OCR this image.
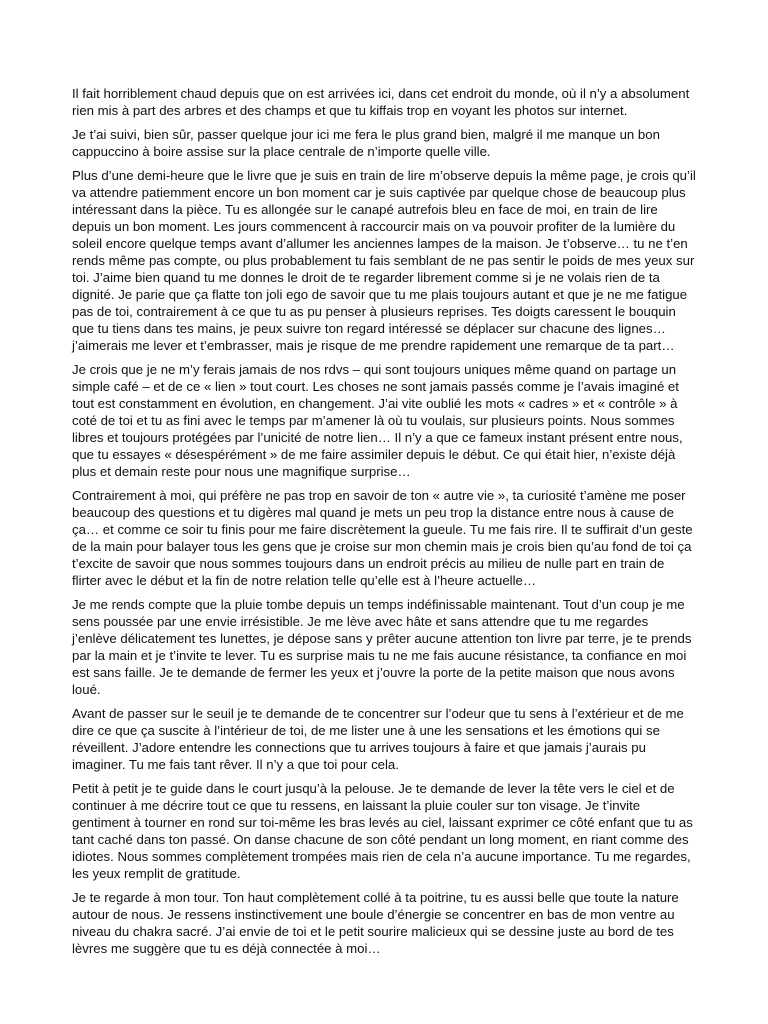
Il fait horriblement chaud depuis que on est arrivées ici, dans cet endroit du monde, où il n’y a absolument rien mis à part des arbres et des champs et que tu kiffais trop en voyant les photos sur internet.

Je t’ai suivi, bien sûr, passer quelque jour ici me fera le plus grand bien, malgré il me manque un bon cappuccino à boire assise sur la place centrale de n’importe quelle ville.

Plus d’une demi-heure que le livre que je suis en train de lire m’observe depuis la même page, je crois qu’il va attendre patiemment encore un bon moment car je suis captivée par quelque chose de beaucoup plus intéressant dans la pièce. Tu es allongée sur le canapé autrefois bleu en face de moi, en train de lire depuis un bon moment. Les jours commencent à raccourcir mais on va pouvoir profiter de la lumière du soleil encore quelque temps avant d’allumer les anciennes lampes de la maison. Je t’observe… tu ne t’en rends même pas compte, ou plus probablement tu fais semblant de ne pas sentir le poids de mes yeux sur toi. J’aime bien quand tu me donnes le droit de te regarder librement comme si je ne volais rien de ta dignité. Je parie que ça flatte ton joli ego de savoir que tu me plais toujours autant et que je ne me fatigue pas de toi, contrairement à ce que tu as pu penser à plusieurs reprises. Tes doigts caressent le bouquin que tu tiens dans tes mains, je peux suivre ton regard intéressé se déplacer sur chacune des lignes… j’aimerais me lever et t’embrasser, mais je risque de me prendre rapidement une remarque de ta part…

Je crois que je ne m’y ferais jamais de nos rdvs – qui sont toujours uniques même quand on partage un simple café – et de ce « lien » tout court. Les choses ne sont jamais passés comme je l’avais imaginé et tout est constamment en évolution, en changement. J’ai vite oublié les mots « cadres » et « contrôle » à coté de toi et tu as fini avec le temps par m’amener là où tu voulais, sur plusieurs points. Nous sommes libres et toujours protégées par l’unicité de notre lien… Il n’y a que ce fameux instant présent entre nous, que tu essayes « désespérément » de me faire assimiler depuis le début. Ce qui était hier, n’existe déjà plus et demain reste pour nous une magnifique surprise…

Contrairement à moi, qui préfère ne pas trop en savoir de ton « autre vie », ta curiosité t’amène me poser beaucoup des questions et tu digères mal quand je mets un peu trop la distance entre nous à cause de ça… et comme ce soir tu finis pour me faire discrètement la gueule. Tu me fais rire. Il te suffirait d’un geste de la main pour balayer tous les gens que je croise sur mon chemin mais je crois bien qu’au fond de toi ça t’excite de savoir que nous sommes toujours dans un endroit précis au milieu de nulle part en train de flirter avec le début et la fin de notre relation telle qu’elle est à l’heure actuelle…

Je me rends compte que la pluie tombe depuis un temps indéfinissable maintenant. Tout d’un coup je me sens poussée par une envie irrésistible. Je me lève avec hâte et sans attendre que tu me regardes j’enlève délicatement tes lunettes, je dépose sans y prêter aucune attention ton livre par terre, je te prends par la main et je t’invite te lever. Tu es surprise mais tu ne me fais aucune résistance, ta confiance en moi est sans faille. Je te demande de fermer les yeux et j’ouvre la porte de la petite maison que nous avons loué.

Avant de passer sur le seuil je te demande de te concentrer sur l’odeur que tu sens à l’extérieur et de me dire ce que ça suscite à l’intérieur de toi, de me lister une à une les sensations et les émotions qui se réveillent. J’adore entendre les connections que tu arrives toujours à faire et que jamais j’aurais pu imaginer. Tu me fais tant rêver. Il n’y a que toi pour cela.

Petit à petit je te guide dans le court jusqu’à la pelouse. Je te demande de lever la tête vers le ciel et de continuer à me décrire tout ce que tu ressens, en laissant la pluie couler sur ton visage. Je t’invite gentiment à tourner en rond sur toi-même les bras levés au ciel, laissant exprimer ce côté enfant que tu as tant caché dans ton passé. On danse chacune de son côté pendant un long moment, en riant comme des idiotes. Nous sommes complètement trompées mais rien de cela n’a aucune importance. Tu me regardes, les yeux remplit de gratitude.

Je te regarde à mon tour. Ton haut complètement collé à ta poitrine, tu es aussi belle que toute la nature autour de nous. Je ressens instinctivement une boule d’énergie se concentrer en bas de mon ventre au niveau du chakra sacré. J’ai envie de toi et le petit sourire malicieux qui se dessine juste au bord de tes lèvres me suggère que tu es déjà connectée à moi…
